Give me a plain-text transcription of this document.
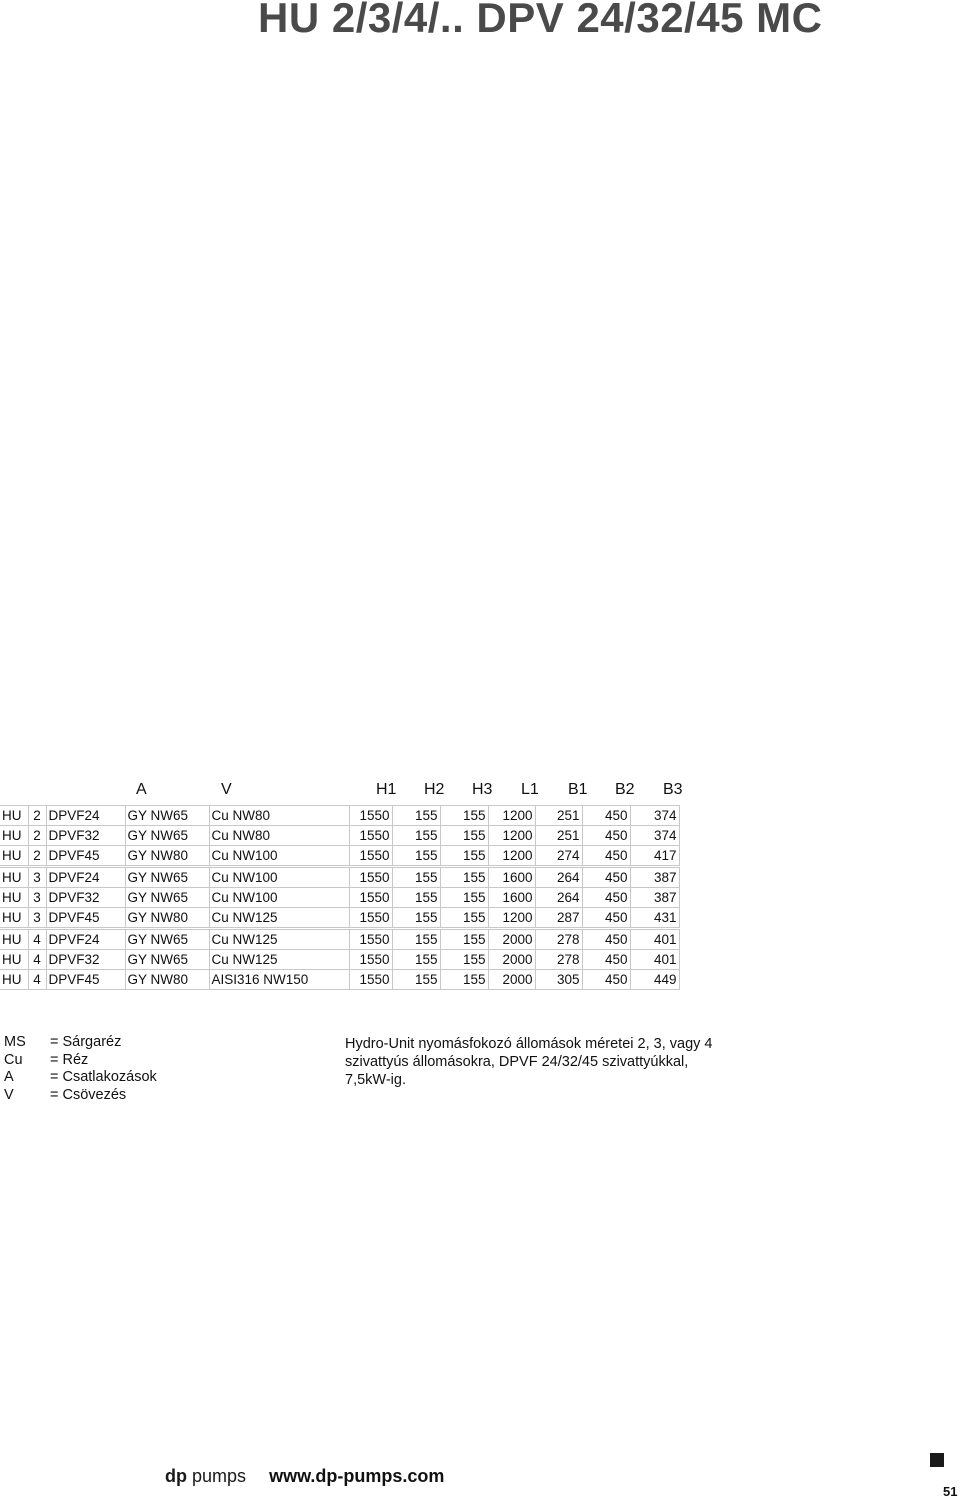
HU 2/3/4/.. DPV 24/32/45 MC
A	V	H1 H2 H3 L1 B1 B2 B3
HU	2	DPVF24	GY NW65	Cu NW80	1550	155	155	1200	251	450	374
HU	2	DPVF32	GY NW65	Cu NW80	1550	155	155	1200	251	450	374
HU	2	DPVF45	GY NW80	Cu NW100	1550	155	155	1200	274	450	417
HU	3	DPVF24	GY NW65	Cu NW100	1550	155	155	1600	264	450	387
HU	3	DPVF32	GY NW65	Cu NW100	1550	155	155	1600	264	450	387
HU	3	DPVF45	GY NW80	Cu NW125	1550	155	155	1200	287	450	431
HU	4	DPVF24	GY NW65	Cu NW125	1550	155	155	2000	278	450	401
HU	4	DPVF32	GY NW65	Cu NW125	1550	155	155	2000	278	450	401
HU	4	DPVF45	GY NW80	AISI316 NW150	1550	155	155	2000	305	450	449
MS	= Sárgaréz
Cu	= Réz
A	= Csatlakozások
V	= Csövezés
Hydro-Unit nyomásfokozó állomások méretei 2, 3, vagy 4
szivattyús állomásokra, DPVF 24/32/45 szivattyúkkal,
7,5kW-ig.
dp pumps www.dp-pumps.com
51
